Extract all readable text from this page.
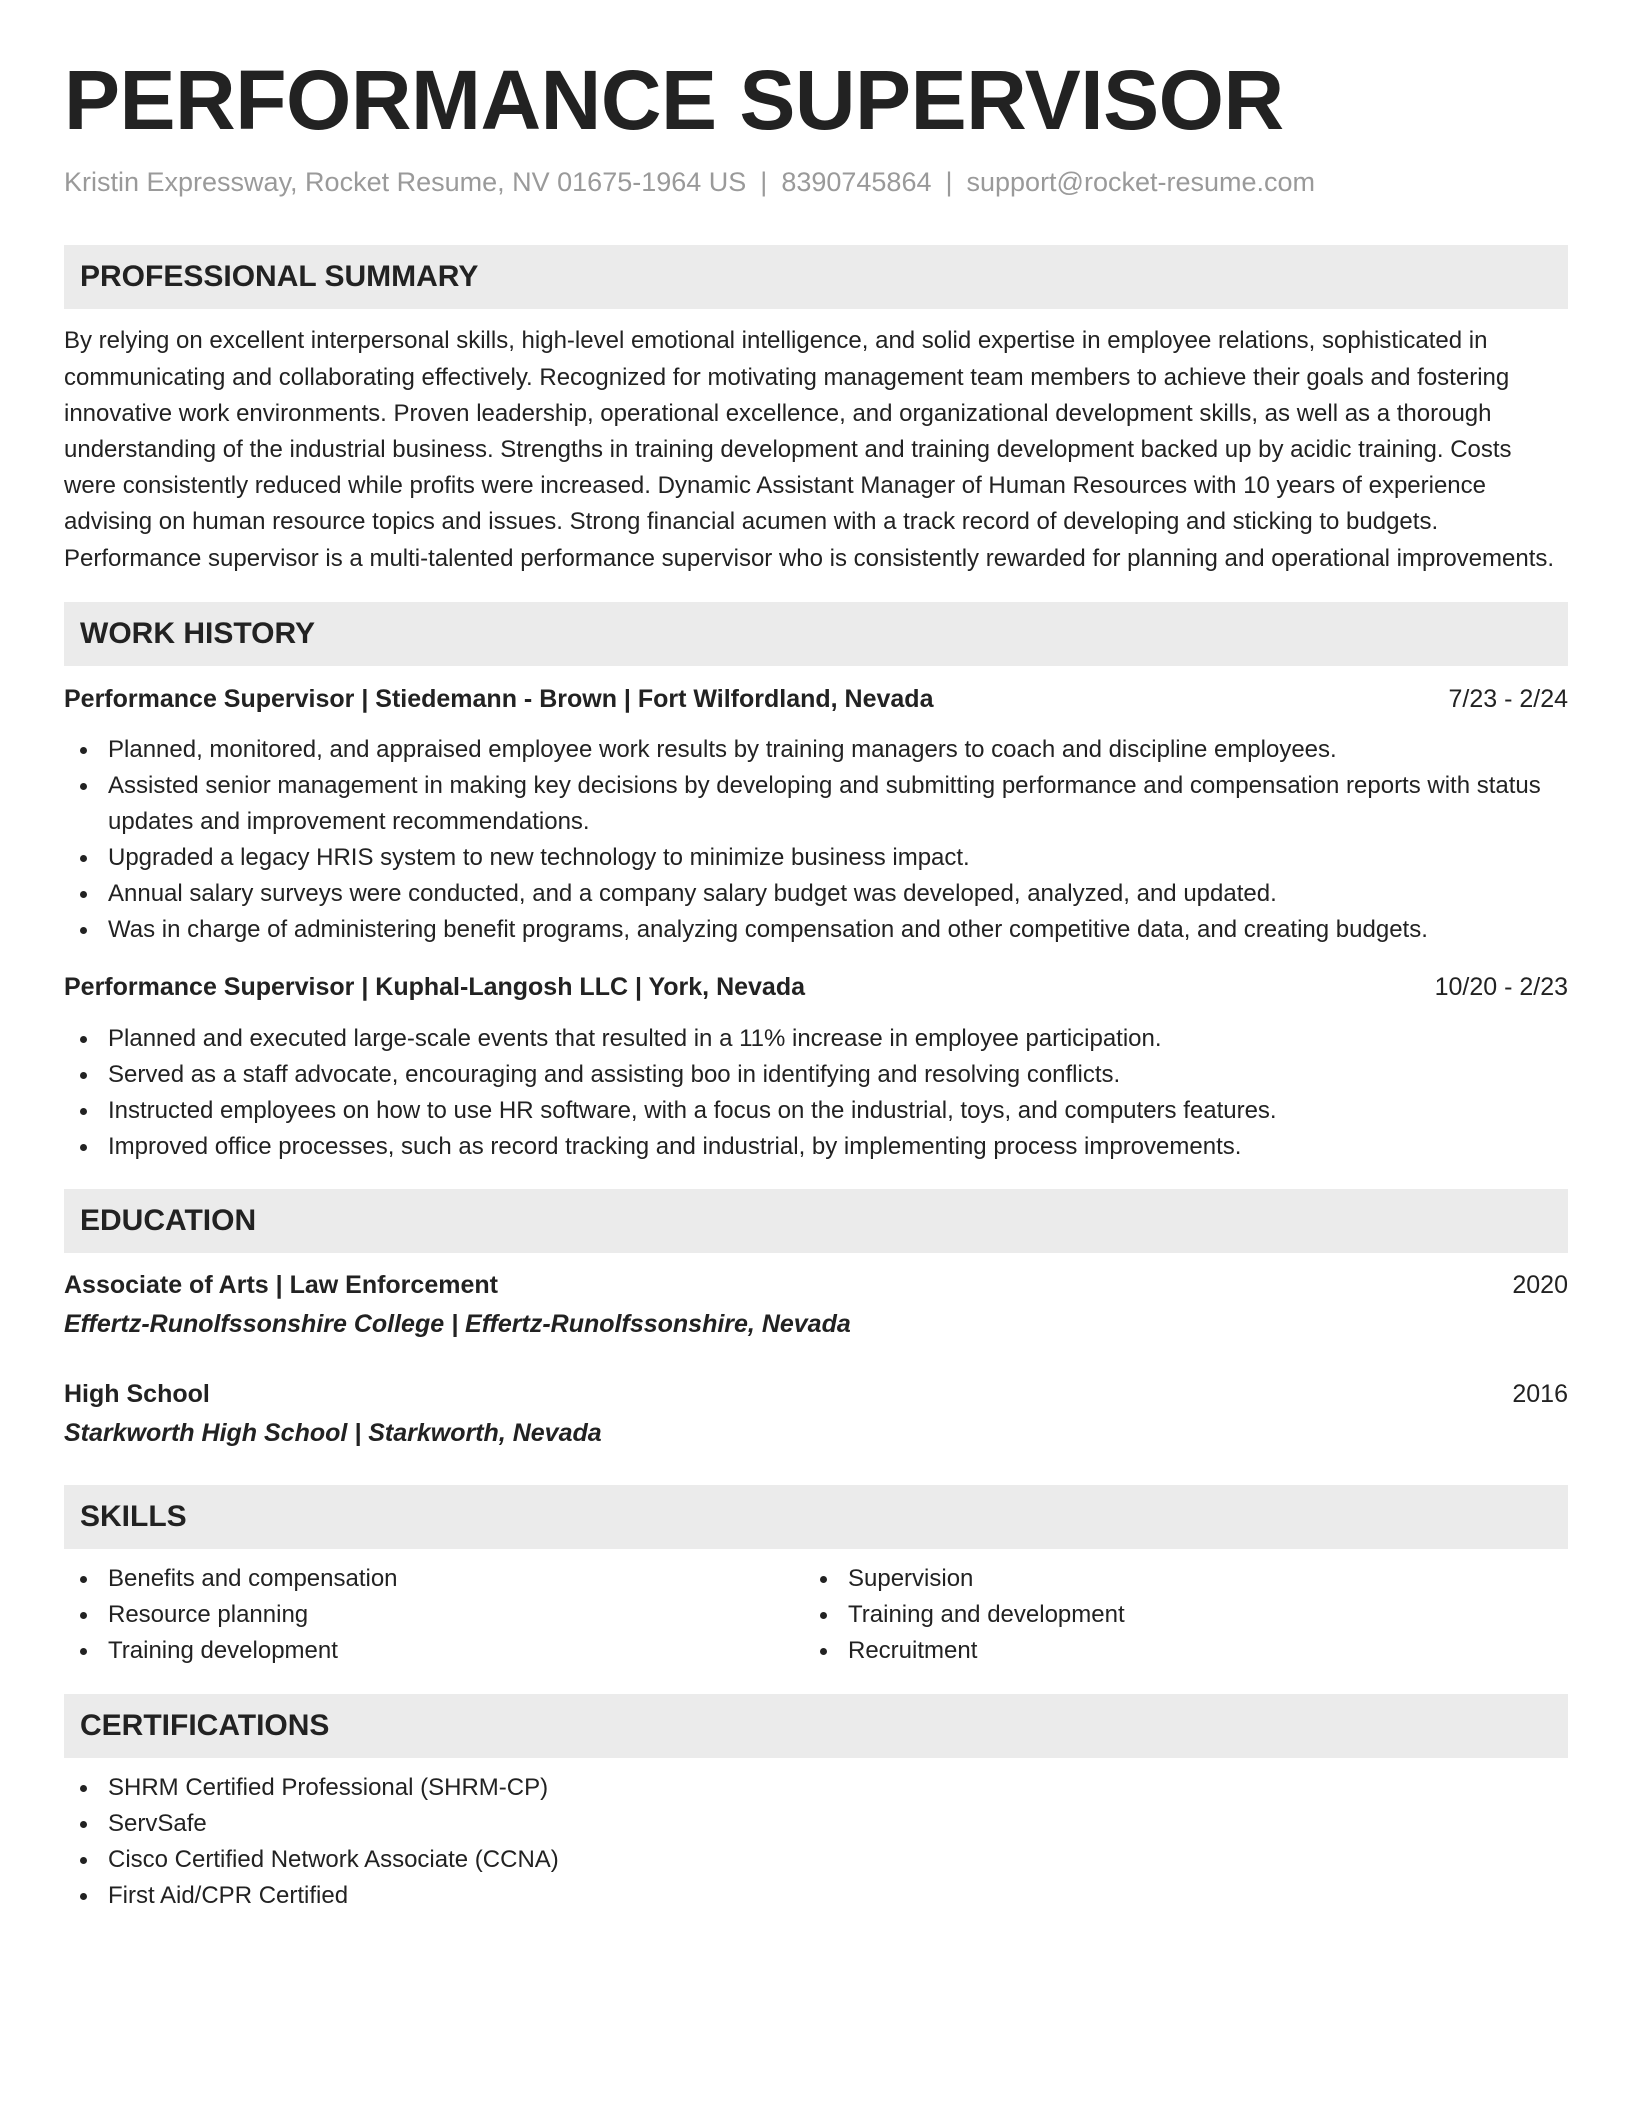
PERFORMANCE SUPERVISOR
Kristin Expressway, Rocket Resume, NV 01675-1964 US | 8390745864 | support@rocket-resume.com
PROFESSIONAL SUMMARY
By relying on excellent interpersonal skills, high-level emotional intelligence, and solid expertise in employee relations, sophisticated in communicating and collaborating effectively. Recognized for motivating management team members to achieve their goals and fostering innovative work environments. Proven leadership, operational excellence, and organizational development skills, as well as a thorough understanding of the industrial business. Strengths in training development and training development backed up by acidic training. Costs were consistently reduced while profits were increased. Dynamic Assistant Manager of Human Resources with 10 years of experience advising on human resource topics and issues. Strong financial acumen with a track record of developing and sticking to budgets. Performance supervisor is a multi-talented performance supervisor who is consistently rewarded for planning and operational improvements.
WORK HISTORY
Performance Supervisor | Stiedemann - Brown | Fort Wilfordland, Nevada	7/23 - 2/24
Planned, monitored, and appraised employee work results by training managers to coach and discipline employees.
Assisted senior management in making key decisions by developing and submitting performance and compensation reports with status updates and improvement recommendations.
Upgraded a legacy HRIS system to new technology to minimize business impact.
Annual salary surveys were conducted, and a company salary budget was developed, analyzed, and updated.
Was in charge of administering benefit programs, analyzing compensation and other competitive data, and creating budgets.
Performance Supervisor | Kuphal-Langosh LLC | York, Nevada	10/20 - 2/23
Planned and executed large-scale events that resulted in a 11% increase in employee participation.
Served as a staff advocate, encouraging and assisting boo in identifying and resolving conflicts.
Instructed employees on how to use HR software, with a focus on the industrial, toys, and computers features.
Improved office processes, such as record tracking and industrial, by implementing process improvements.
EDUCATION
Associate of Arts | Law Enforcement	2020
Effertz-Runolfssonshire College | Effertz-Runolfssonshire, Nevada
High School	2016
Starkworth High School | Starkworth, Nevada
SKILLS
Benefits and compensation
Resource planning
Training development
Supervision
Training and development
Recruitment
CERTIFICATIONS
SHRM Certified Professional (SHRM-CP)
ServSafe
Cisco Certified Network Associate (CCNA)
First Aid/CPR Certified
